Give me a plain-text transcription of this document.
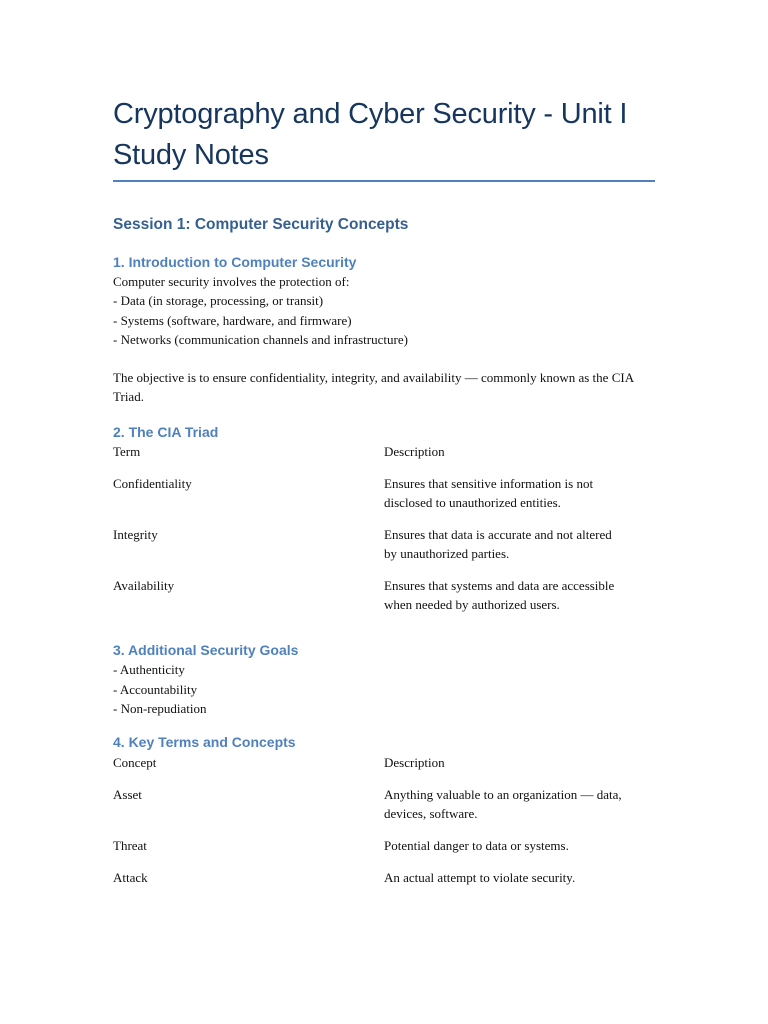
Cryptography and Cyber Security - Unit I Study Notes
Session 1: Computer Security Concepts
1. Introduction to Computer Security

Computer security involves the protection of:

- Data (in storage, processing, or transit)

- Systems (software, hardware, and firmware)

- Networks (communication channels and infrastructure)

The objective is to ensure confidentiality, integrity, and availability — commonly known as the CIA Triad.

2. The CIA Triad
Term	Description
Confidentiality	Ensures that sensitive information is not disclosed to unauthorized entities.
Integrity	Ensures that data is accurate and not altered by unauthorized parties.
Availability	Ensures that systems and data are accessible when needed by authorized users.
3. Additional Security Goals

- Authenticity

- Accountability

- Non-repudiation

4. Key Terms and Concepts
Concept	Description
Asset	Anything valuable to an organization — data, devices, software.
Threat	Potential danger to data or systems.
Attack	An actual attempt to violate security.
